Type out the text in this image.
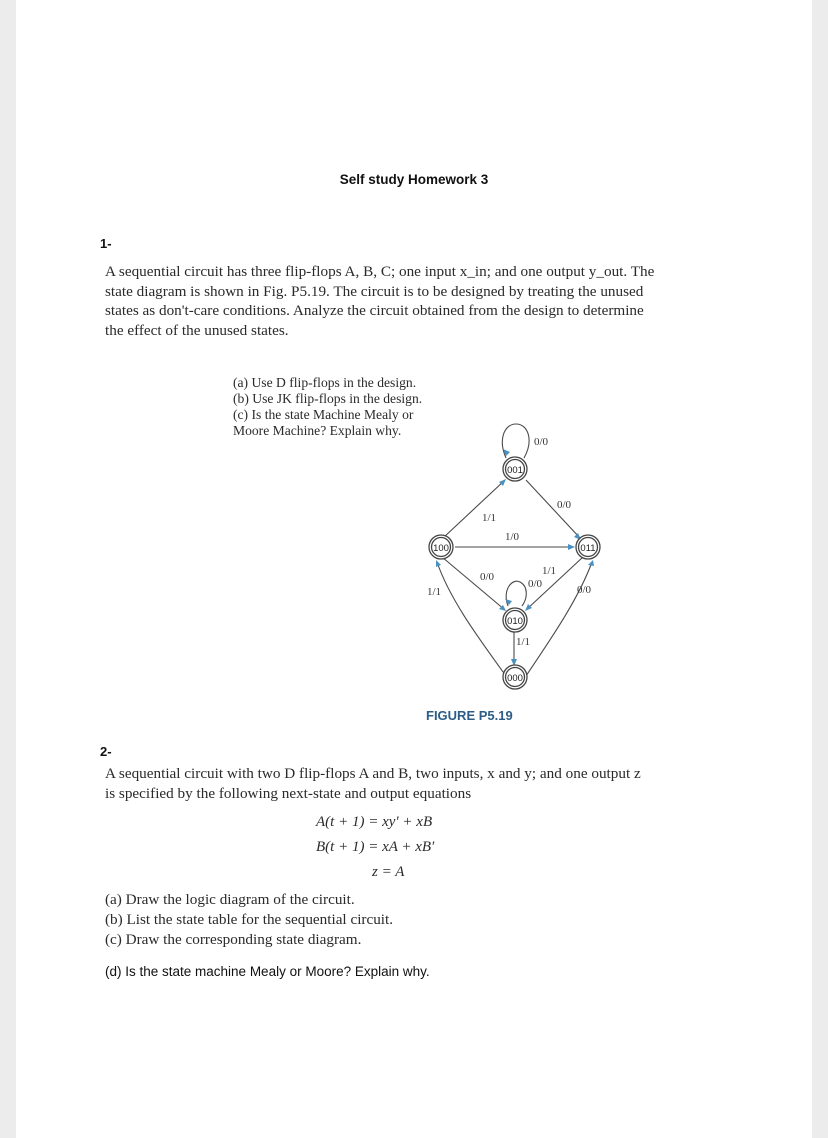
Self study Homework 3
1-

A sequential circuit has three flip-flops A, B, C; one input x_in; and one output y_out. The

state diagram is shown in Fig. P5.19. The circuit is to be designed by treating the unused

states as don't-care conditions. Analyze the circuit obtained from the design to determine

the effect of the unused states.

(a) Use D flip-flops in the design.

(b) Use JK flip-flops in the design.

(c) Is the state Machine Mealy or

Moore Machine? Explain why.

001
100	011
010
000
0/0
1/1
0/0
1/0
0/0
1/1
1/1
0/0	0/0
1/1
FIGURE P5.19
2-

A sequential circuit with two D flip-flops A and B, two inputs, x and y; and one output z

is specified by the following next-state and output equations

A(t + 1) = xy′ + xB
B(t + 1) = xA + xB′
z = A

(a) Draw the logic diagram of the circuit.

(b) List the state table for the sequential circuit.

(c) Draw the corresponding state diagram.

(d) Is the state machine Mealy or Moore? Explain why.
